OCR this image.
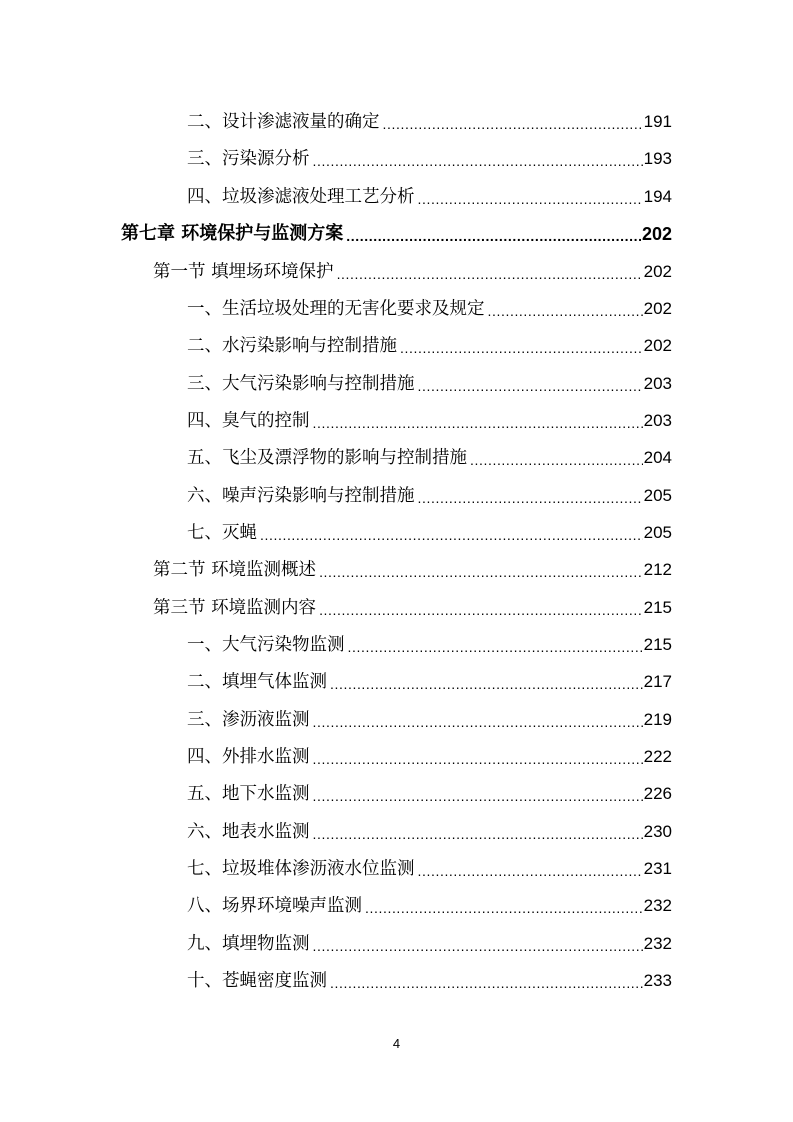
二、设计渗滤液量的确定 .....	191
三、污染源分析 .....	193
四、垃圾渗滤液处理工艺分析 .....	194
第七章 环境保护与监测方案 .....	202
第一节 填埋场环境保护 .....	202
一、生活垃圾处理的无害化要求及规定 .....	202
二、水污染影响与控制措施 .....	202
三、大气污染影响与控制措施 .....	203
四、臭气的控制 .....	203
五、飞尘及漂浮物的影响与控制措施 .....	204
六、噪声污染影响与控制措施 .....	205
七、灭蝇 .....	205
第二节 环境监测概述 .....	212
第三节 环境监测内容 .....	215
一、大气污染物监测 .....	215
二、填埋气体监测 .....	217
三、渗沥液监测 .....	219
四、外排水监测 .....	222
五、地下水监测 .....	226
六、地表水监测 .....	230
七、垃圾堆体渗沥液水位监测 .....	231
八、场界环境噪声监测 .....	232
九、填埋物监测 .....	232
十、苍蝇密度监测 .....	233
4
